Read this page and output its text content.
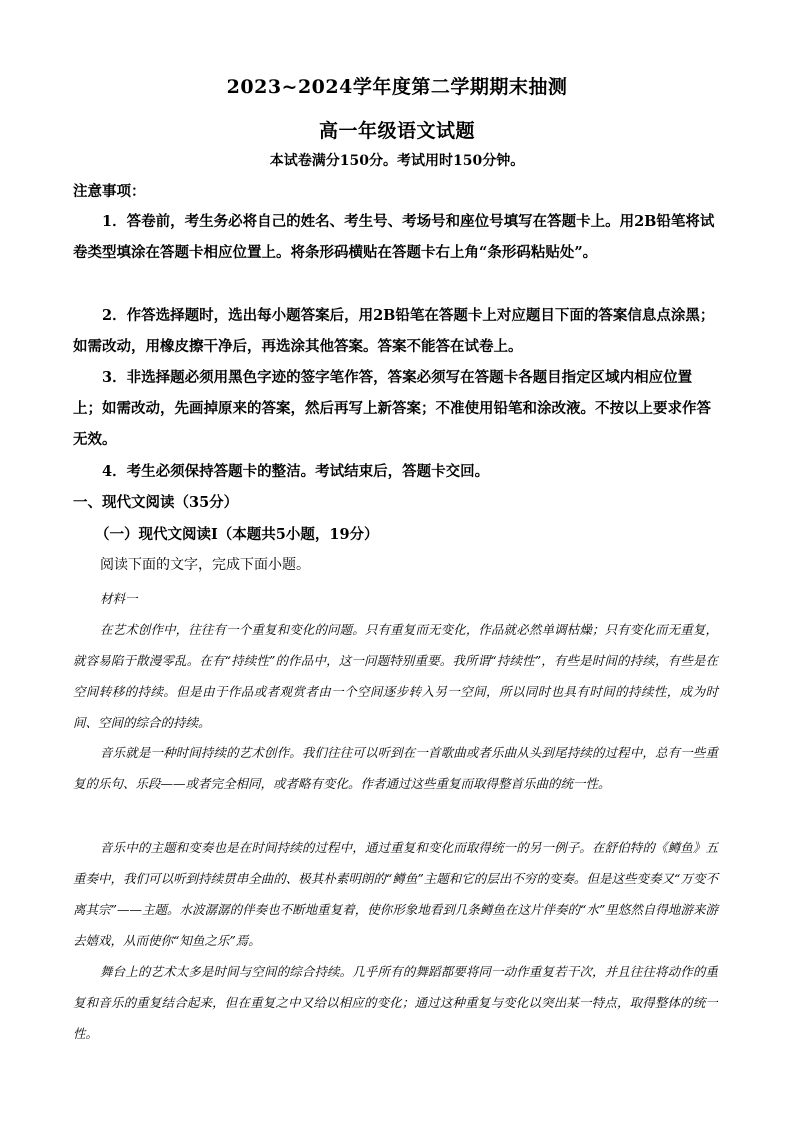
2023~2024学年度第二学期期末抽测
高一年级语文试题
本试卷满分150分。考试用时150分钟。
注意事项：
1．答卷前，考生务必将自己的姓名、考生号、考场号和座位号填写在答题卡上。用2B铅笔将试卷类型填涂在答题卡相应位置上。将条形码横贴在答题卡右上角“条形码粘贴处”。
2．作答选择题时，选出每小题答案后，用2B铅笔在答题卡上对应题目下面的答案信息点涂黑；如需改动，用橡皮擦干净后，再选涂其他答案。答案不能答在试卷上。
3．非选择题必须用黑色字迹的签字笔作答，答案必须写在答题卡各题目指定区域内相应位置上；如需改动，先画掉原来的答案，然后再写上新答案；不准使用铅笔和涂改液。不按以上要求作答无效。
4．考生必须保持答题卡的整洁。考试结束后，答题卡交回。
一、现代文阅读（35分）
（一）现代文阅读Ⅰ（本题共5小题，19分）
阅读下面的文字，完成下面小题。
材料一
在艺术创作中，往往有一个重复和变化的问题。只有重复而无变化，作品就必然单调枯燥；只有变化而无重复，就容易陷于散漫零乱。在有“持续性”的作品中，这一问题特别重要。我所谓“持续性”，有些是时间的持续，有些是在空间转移的持续。但是由于作品或者观赏者由一个空间逐步转入另一空间，所以同时也具有时间的持续性，成为时间、空间的综合的持续。
音乐就是一种时间持续的艺术创作。我们往往可以听到在一首歌曲或者乐曲从头到尾持续的过程中，总有一些重复的乐句、乐段——或者完全相同，或者略有变化。作者通过这些重复而取得整首乐曲的统一性。
音乐中的主题和变奏也是在时间持续的过程中，通过重复和变化而取得统一的另一例子。在舒伯特的《鳟鱼》五重奏中，我们可以听到持续贯串全曲的、极其朴素明朗的“鳟鱼”主题和它的层出不穷的变奏。但是这些变奏又“万变不离其宗”——主题。水波潺潺的伴奏也不断地重复着，使你形象地看到几条鳟鱼在这片伴奏的“水”里悠然自得地游来游去嬉戏，从而使你“知鱼之乐”焉。
舞台上的艺术太多是时间与空间的综合持续。几乎所有的舞蹈都要将同一动作重复若干次，并且往往将动作的重复和音乐的重复结合起来，但在重复之中又给以相应的变化；通过这种重复与变化以突出某一特点，取得整体的统一性。
